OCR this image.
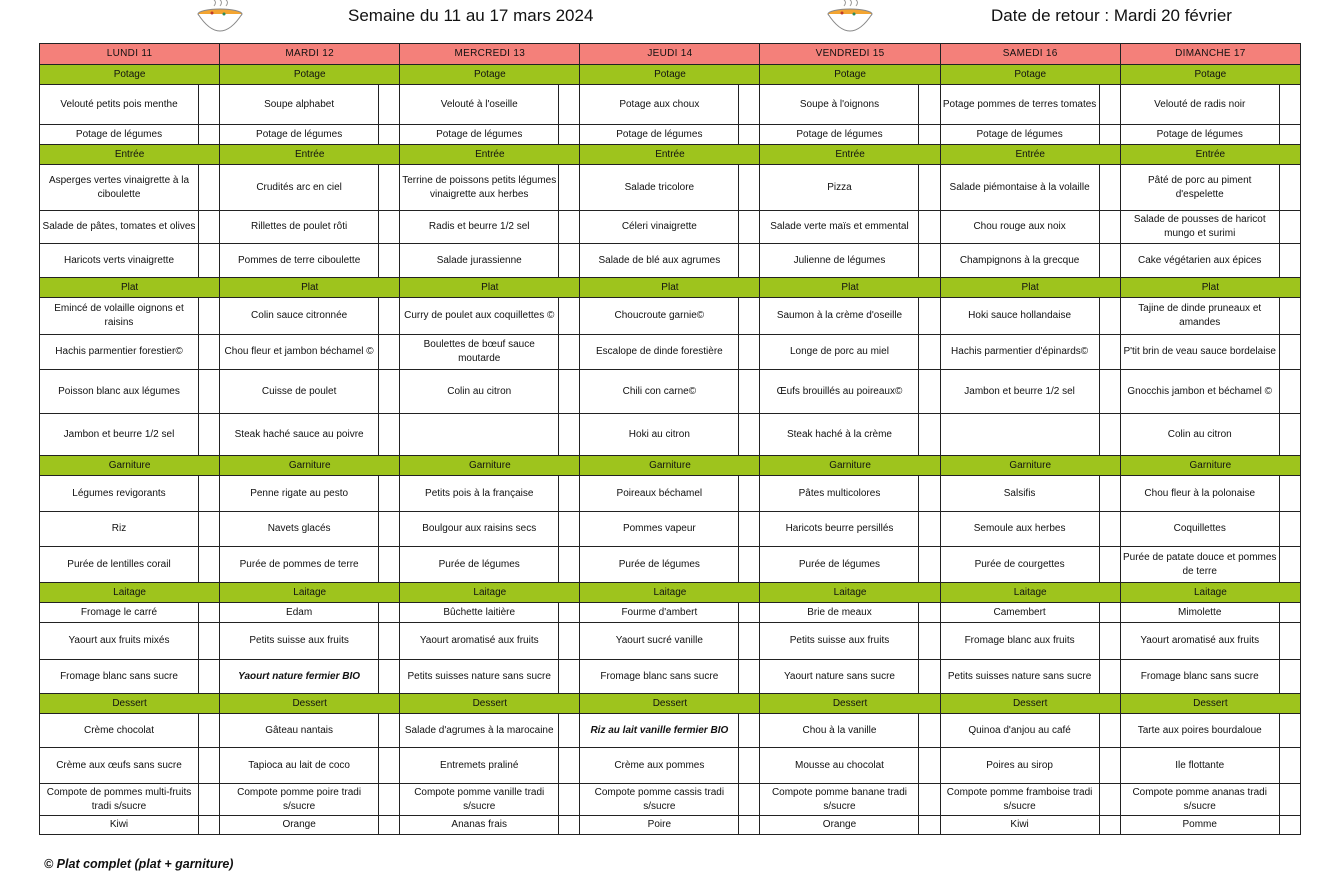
Semaine du 11 au 17 mars 2024	Date de retour : Mardi 20 février
LUNDI 11		MARDI 12		MERCREDI 13		JEUDI 14		VENDREDI 15		SAMEDI 16		DIMANCHE 17	
Potage		Potage		Potage		Potage		Potage		Potage		Potage	
Velouté petits pois menthe		Soupe alphabet		Velouté à l'oseille		Potage aux choux		Soupe à l'oignons		Potage pommes de terres tomates		Velouté de radis noir	
Potage de légumes		Potage de légumes		Potage de légumes		Potage de légumes		Potage de légumes		Potage de légumes		Potage de légumes	
Entrée		Entrée		Entrée		Entrée		Entrée		Entrée		Entrée	
Asperges vertes vinaigrette à la ciboulette		Crudités arc en ciel		Terrine de poissons petits légumes vinaigrette aux herbes		Salade tricolore		Pizza		Salade piémontaise à la volaille		Pâté de porc au piment d'espelette	
Salade de pâtes, tomates et olives		Rillettes de poulet rôti		Radis et beurre 1/2 sel		Céleri vinaigrette		Salade verte maïs et emmental		Chou rouge aux noix		Salade de pousses de haricot mungo et surimi	
Haricots verts vinaigrette		Pommes de terre ciboulette		Salade jurassienne		Salade de blé aux agrumes		Julienne de légumes		Champignons à la grecque		Cake végétarien aux épices	
Plat		Plat		Plat		Plat		Plat		Plat		Plat	
Emincé de volaille oignons et raisins		Colin sauce citronnée		Curry de poulet aux coquillettes ©		Choucroute garnie©		Saumon à la crème d'oseille		Hoki sauce hollandaise		Tajine de dinde pruneaux et amandes	
Hachis parmentier forestier©		Chou fleur et jambon béchamel ©		Boulettes de bœuf sauce moutarde		Escalope de dinde forestière		Longe de porc au miel		Hachis parmentier d'épinards©		P'tit brin de veau sauce bordelaise	
Poisson blanc aux légumes		Cuisse de poulet		Colin au citron		Chili con carne©		Œufs brouillés au poireaux©		Jambon et beurre 1/2 sel		Gnocchis jambon et béchamel ©	
Jambon et beurre 1/2 sel		Steak haché sauce au poivre				Hoki au citron		Steak haché à la crème				Colin au citron	
Garniture		Garniture		Garniture		Garniture		Garniture		Garniture		Garniture	
Légumes revigorants		Penne rigate au pesto		Petits pois à la française		Poireaux béchamel		Pâtes multicolores		Salsifis		Chou fleur à la polonaise	
Riz		Navets glacés		Boulgour aux raisins secs		Pommes vapeur		Haricots beurre persillés		Semoule aux herbes		Coquillettes	
Purée de lentilles corail		Purée de pommes de terre		Purée de légumes		Purée de légumes		Purée de légumes		Purée de courgettes		Purée de patate douce et pommes de terre	
Laitage		Laitage		Laitage		Laitage		Laitage		Laitage		Laitage	
Fromage le carré		Edam		Bûchette laitière		Fourme d'ambert		Brie de meaux		Camembert		Mimolette	
Yaourt aux fruits mixés		Petits suisse aux fruits		Yaourt aromatisé aux fruits		Yaourt sucré vanille		Petits suisse aux fruits		Fromage blanc aux fruits		Yaourt aromatisé aux fruits	
Fromage blanc sans sucre		Yaourt nature fermier BIO		Petits suisses nature sans sucre		Fromage blanc sans sucre		Yaourt nature sans sucre		Petits suisses nature sans sucre		Fromage blanc sans sucre	
Dessert		Dessert		Dessert		Dessert		Dessert		Dessert		Dessert	
Crème chocolat		Gâteau nantais		Salade d'agrumes à la marocaine		Riz au lait vanille fermier BIO		Chou à la vanille		Quinoa d'anjou au café		Tarte aux poires bourdaloue	
Crème aux œufs sans sucre		Tapioca au lait de coco		Entremets praliné		Crème aux pommes		Mousse au chocolat		Poires au sirop		Ile flottante	
Compote de pommes multi-fruits tradi s/sucre		Compote pomme poire tradi s/sucre		Compote pomme vanille tradi s/sucre		Compote pomme cassis tradi s/sucre		Compote pomme banane tradi s/sucre		Compote pomme framboise tradi s/sucre		Compote pomme ananas tradi s/sucre	
Kiwi		Orange		Ananas frais		Poire		Orange		Kiwi		Pomme	
© Plat complet (plat + garniture)
